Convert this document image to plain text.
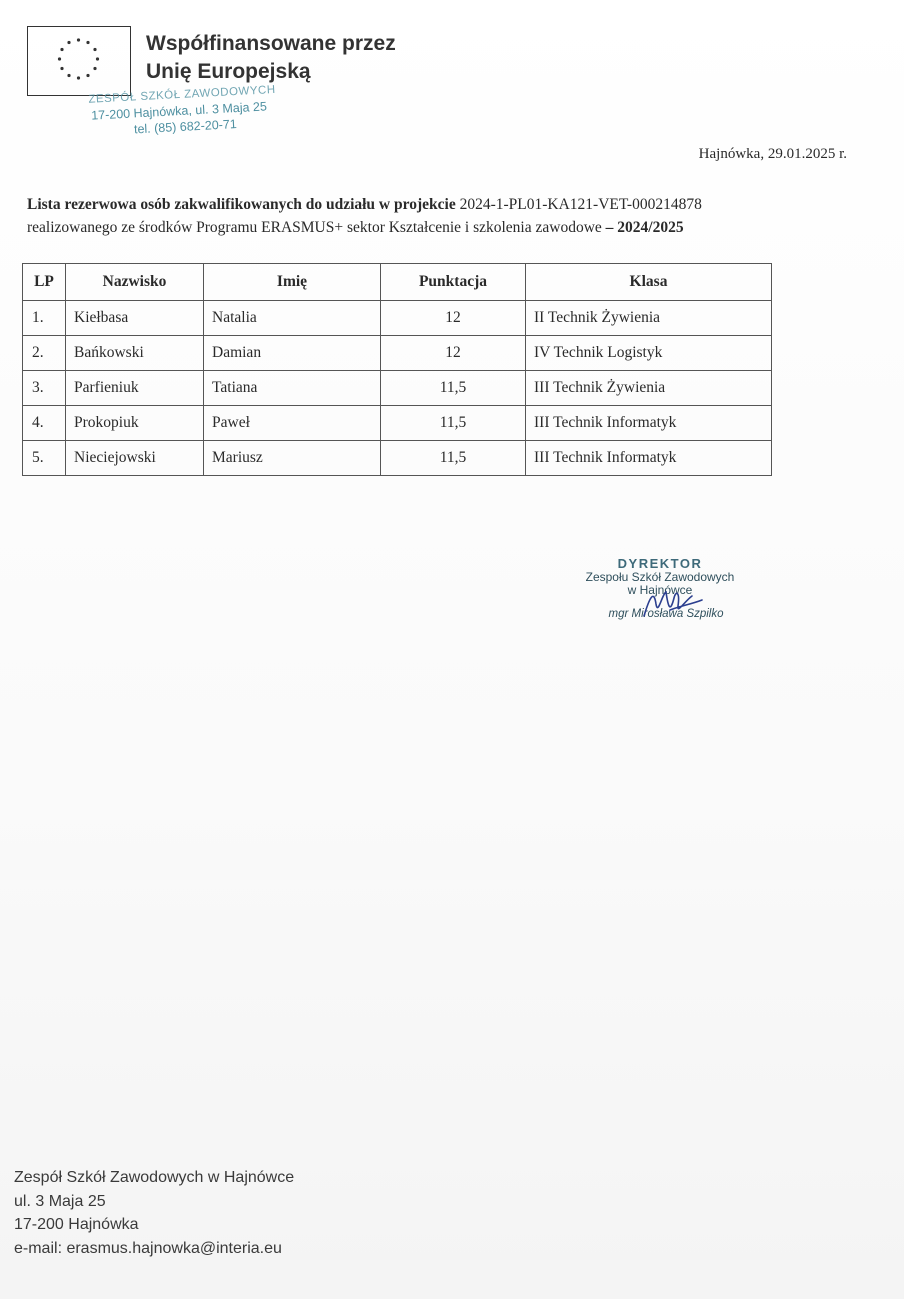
Współfinansowane przez
Unię Europejską
ZESPÓŁ SZKÓŁ ZAWODOWYCH
17-200 Hajnówka, ul. 3 Maja 25
tel. (85) 682-20-71
Hajnówka, 29.01.2025 r.
Lista rezerwowa osób zakwalifikowanych do udziału w projekcie 2024-1-PL01-KA121-VET-000214878
realizowanego ze środków Programu ERASMUS+ sektor Kształcenie i szkolenia zawodowe – 2024/2025
LP	Nazwisko	Imię	Punktacja	Klasa
1.	Kiełbasa	Natalia	12	II Technik Żywienia
2.	Bańkowski	Damian	12	IV Technik Logistyk
3.	Parfieniuk	Tatiana	11,5	III Technik Żywienia
4.	Prokopiuk	Paweł	11,5	III Technik Informatyk
5.	Nieciejowski	Mariusz	11,5	III Technik Informatyk
DYREKTOR
Zespołu Szkół Zawodowych
w Hajnówce
mgr Mirosława Szpilko
Zespół Szkół Zawodowych w Hajnówce
ul. 3 Maja 25
17-200 Hajnówka
e-mail: erasmus.hajnowka@interia.eu
